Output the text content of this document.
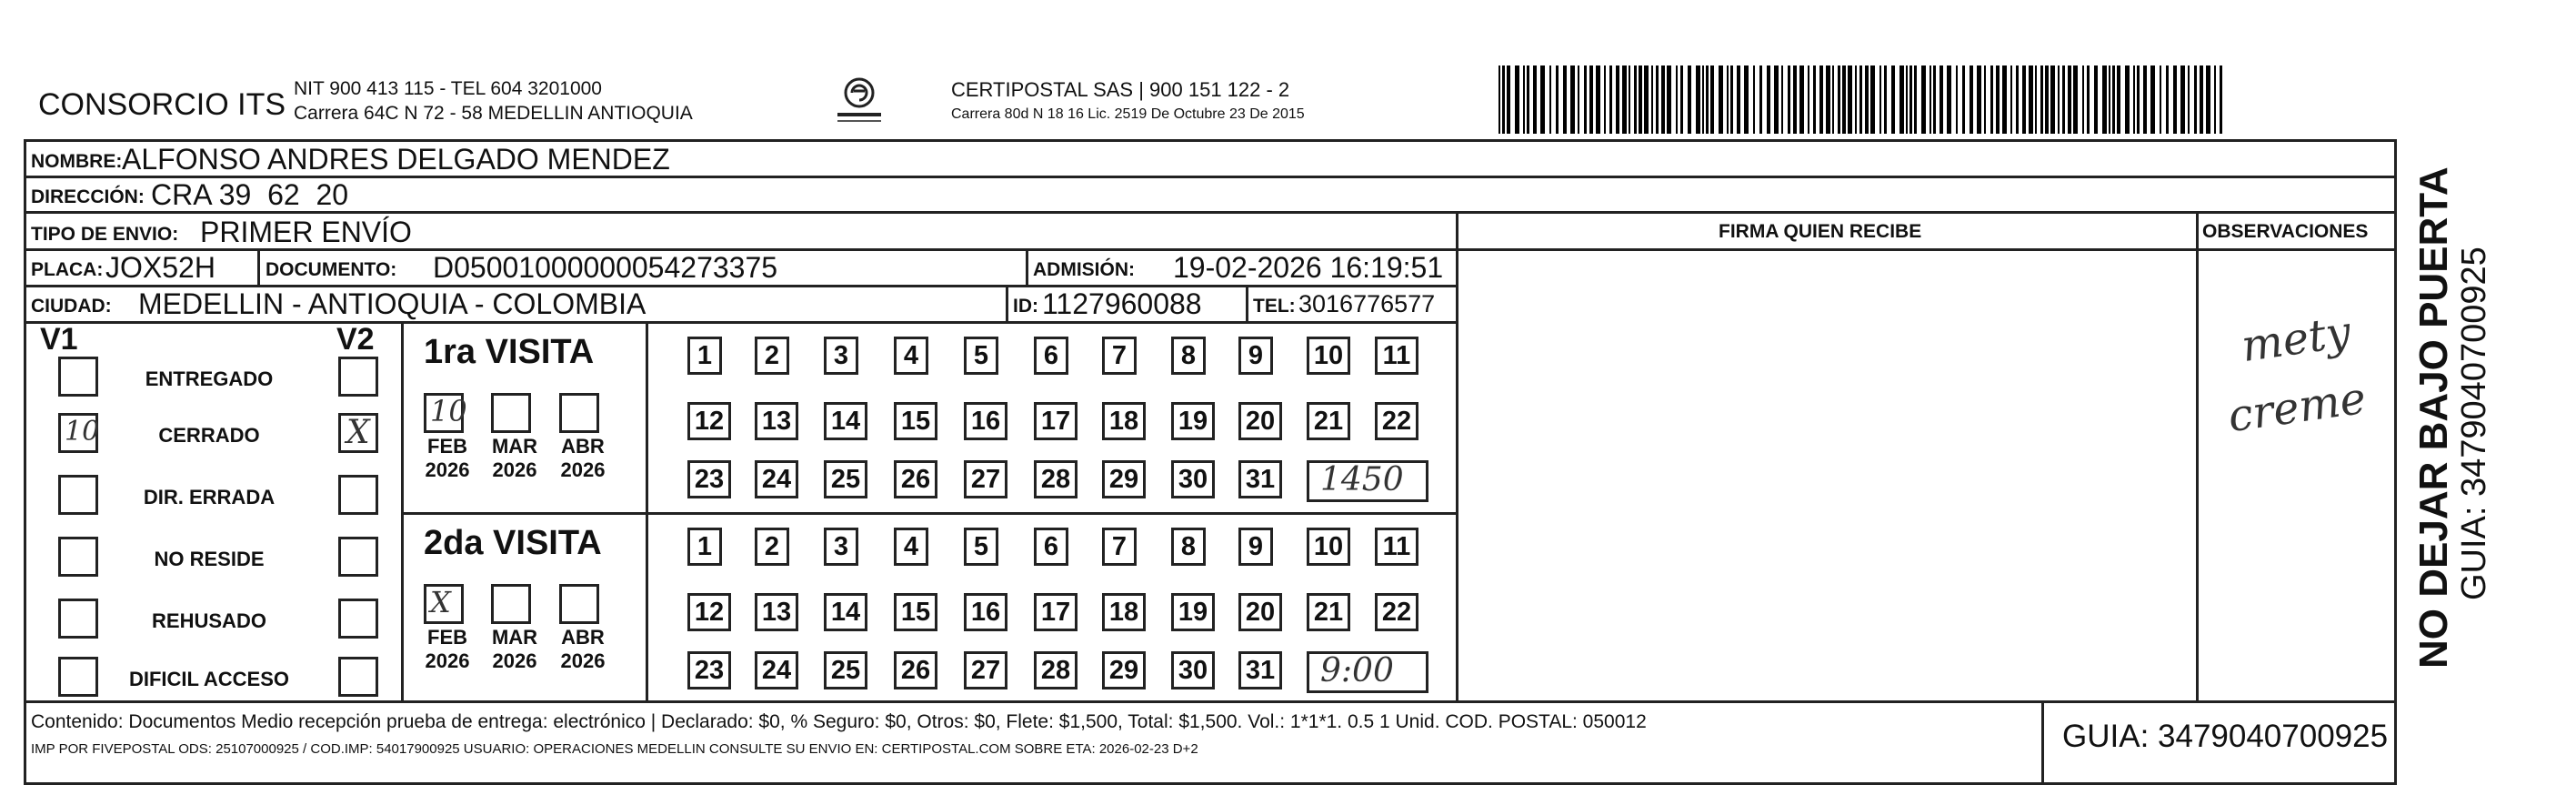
CONSORCIO ITS NIT 900 413 115 - TEL 604 3201000
Carrera 64C N 72 - 58 MEDELLIN ANTIOQUIA
CERTIPOSTAL SAS | 900 151 122 - 2
Carrera 80d N 18 16 Lic. 2519 De Octubre 23 De 2015
NOMBRE: ALFONSO ANDRES DELGADO MENDEZ
DIRECCIÓN: CRA 39  62  20
TIPO DE ENVIO: PRIMER ENVÍO	FIRMA QUIEN RECIBE	OBSERVACIONES
PLACA: JOX52H	DOCUMENTO: D05001000000054273375	ADMISIÓN: 19-02-2026 16:19:51
CIUDAD: MEDELLIN - ANTIOQUIA - COLOMBIA	ID: 1127960088	TEL: 3016776577
V1	V2	mety
creme NO DEJAR BAJO PUERTA GUIA: 3479040700925
Contenido: Documentos Medio recepción prueba de entrega: electrónico | Declarado: $0, % Seguro: $0, Otros: $0, Flete: $1,500, Total: $1,500. Vol.: 1*1*1. 0.5 1 Unid. COD. POSTAL: 050012
IMP POR FIVEPOSTAL ODS: 25107000925 / COD.IMP: 54017900925 USUARIO: OPERACIONES MEDELLIN CONSULTE SU ENVIO EN: CERTIPOSTAL.COM SOBRE ETA: 2026-02-23 D+2	GUIA: 3479040700925
ENTREGADO
10	CERRADO	X
DIR. ERRADA
NO RESIDE
REHUSADO
DIFICIL ACCESO
1ra VISITA
10
FEB
2026
MAR
2026
ABR
2026
1	2	3	4	5	6	7	8	9	10 11
12 13 14 15 16 17 18 19 20 21 22
23 24 25 26 27 28 29 30 31 1450
2da VISITA
X
FEB
2026
MAR
2026
ABR
2026
1	2	3	4	5	6	7	8	9	10 11
12 13 14 15 16 17 18 19 20 21 22
23 24 25 26 27 28 29 30 31 9:00
